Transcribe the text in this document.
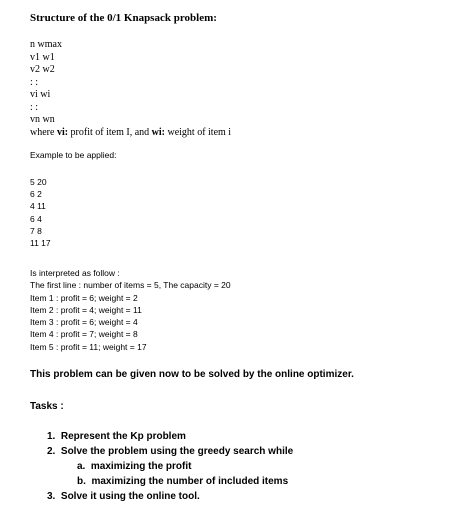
Structure of the 0/1 Knapsack problem:
n wmax
v1 w1
v2 w2
: :
vi wi
: :
vn wn
where vi: profit of item I, and wi: weight of item i
Example to be applied:
5 20
6 2
4 11
6 4
7 8
11 17
Is interpreted as follow :
The first line : number of items = 5, The capacity = 20
Item 1 : profit = 6; weight = 2
Item 2 : profit = 4; weight = 11
Item 3 : profit = 6; weight = 4
Item 4 : profit = 7; weight = 8
Item 5 : profit = 11; weight = 17
This problem can be given now to be solved by the online optimizer.
Tasks :
1.  Represent the Kp problem
2.  Solve the problem using the greedy search while
a.  maximizing the profit
b.  maximizing the number of included items
3.  Solve it using the online tool.
